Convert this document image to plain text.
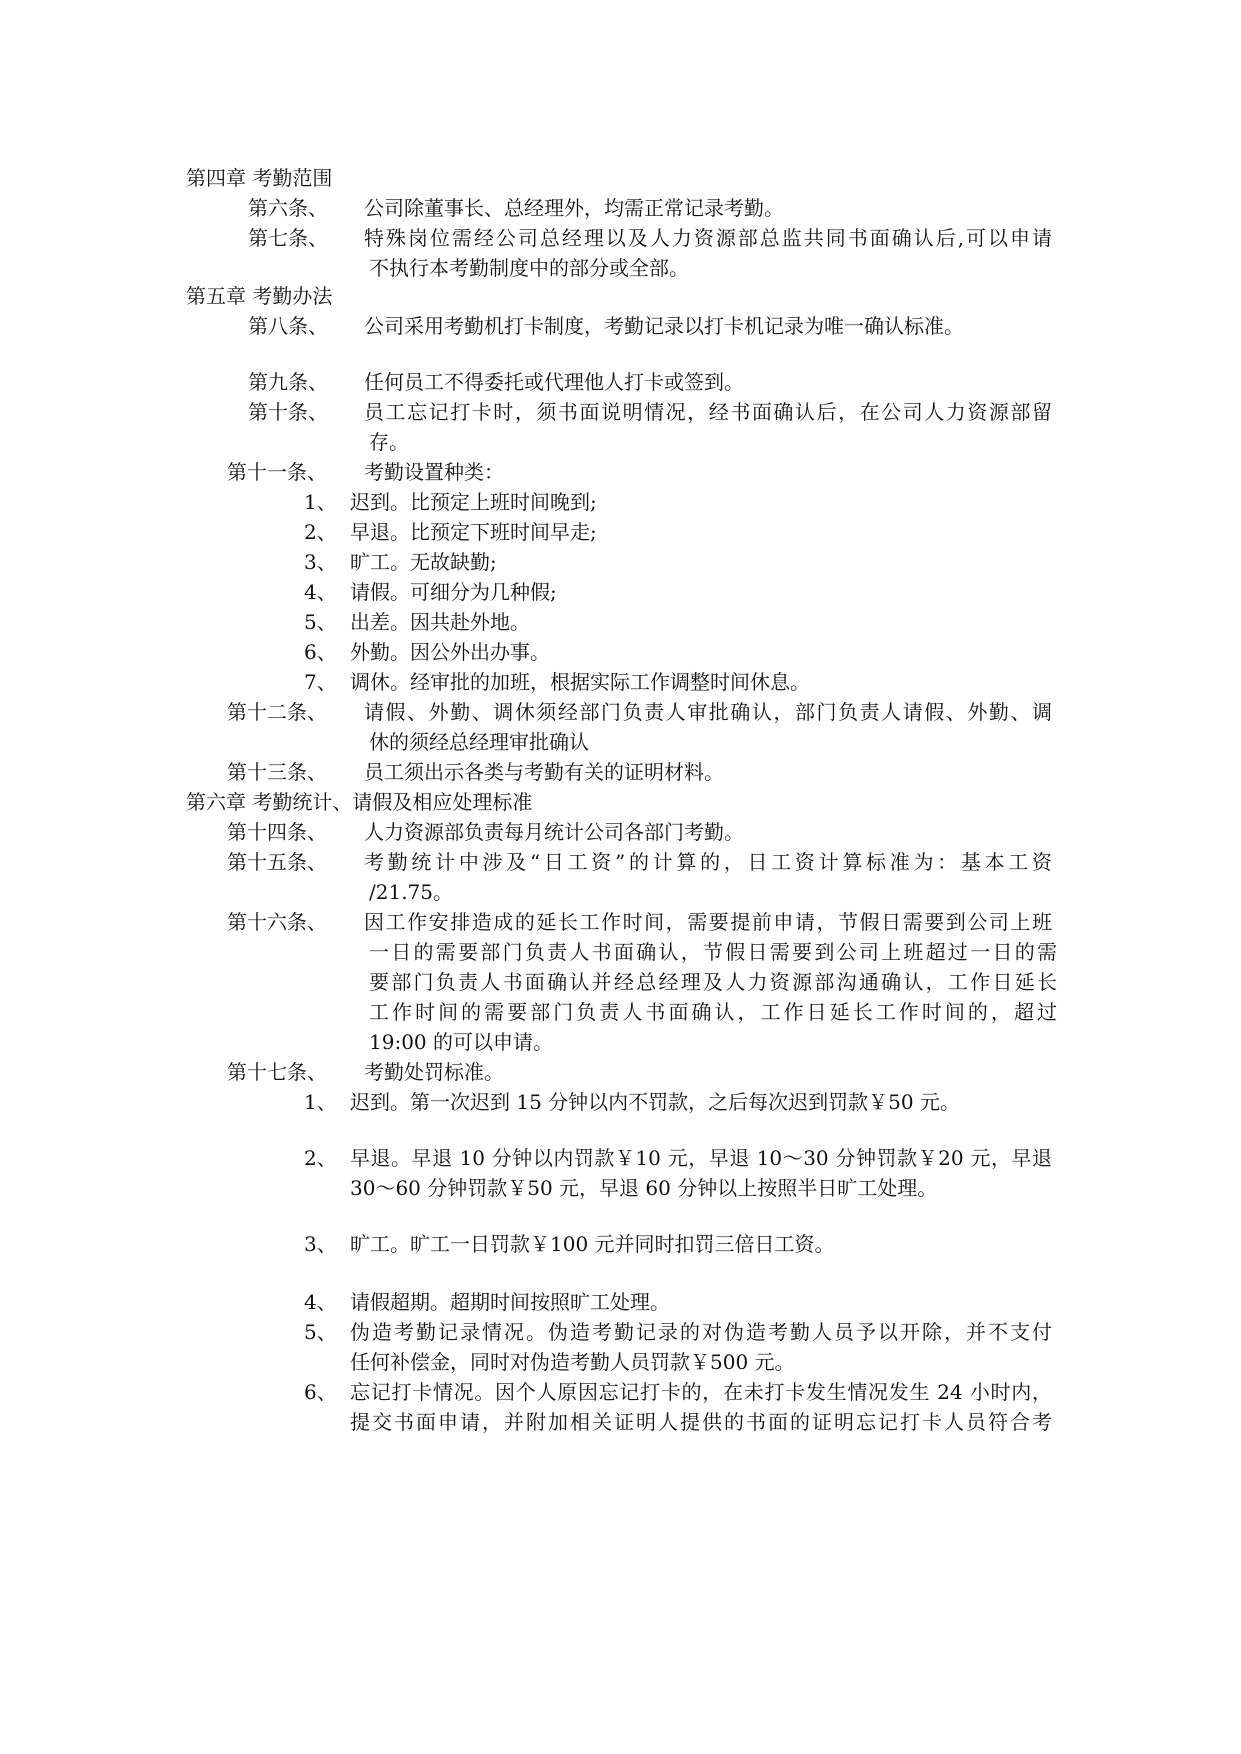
第四章 考勤范围
第六条、 公司除董事长、总经理外，均需正常记录考勤。
第七条、 特殊岗位需经公司总经理以及人力资源部总监共同书面确认后,可以申请
不执行本考勤制度中的部分或全部。
第五章 考勤办法
第八条、 公司采用考勤机打卡制度，考勤记录以打卡机记录为唯一确认标准。
第九条、 任何员工不得委托或代理他人打卡或签到。
第十条、 员工忘记打卡时，须书面说明情况，经书面确认后，在公司人力资源部留
存。
第十一条、 考勤设置种类：
1、 迟到。比预定上班时间晚到;
2、 早退。比预定下班时间早走;
3、 旷工。无故缺勤;
4、 请假。可细分为几种假;
5、 出差。因共赴外地。
6、 外勤。因公外出办事。
7、 调休。经审批的加班，根据实际工作调整时间休息。
第十二条、 请假、外勤、调休须经部门负责人审批确认，部门负责人请假、外勤、调
休的须经总经理审批确认
第十三条、 员工须出示各类与考勤有关的证明材料。
第六章 考勤统计、请假及相应处理标准
第十四条、 人力资源部负责每月统计公司各部门考勤。
第十五条、 考勤统计中涉及“日工资”的计算的，日工资计算标准为：基本工资
/21.75。
第十六条、 因工作安排造成的延长工作时间，需要提前申请，节假日需要到公司上班
一日的需要部门负责人书面确认，节假日需要到公司上班超过一日的需
要部门负责人书面确认并经总经理及人力资源部沟通确认，工作日延长
工作时间的需要部门负责人书面确认，工作日延长工作时间的，超过
19:00 的可以申请。
第十七条、 考勤处罚标准。
1、 迟到。第一次迟到 15 分钟以内不罚款，之后每次迟到罚款￥50 元。
2、 早退。早退 10 分钟以内罚款￥10 元，早退 10～30 分钟罚款￥20 元，早退
30～60 分钟罚款￥50 元，早退 60 分钟以上按照半日旷工处理。
3、 旷工。旷工一日罚款￥100 元并同时扣罚三倍日工资。
4、 请假超期。超期时间按照旷工处理。
5、 伪造考勤记录情况。伪造考勤记录的对伪造考勤人员予以开除，并不支付
任何补偿金，同时对伪造考勤人员罚款￥500 元。
6、 忘记打卡情况。因个人原因忘记打卡的，在未打卡发生情况发生 24 小时内，
提交书面申请，并附加相关证明人提供的书面的证明忘记打卡人员符合考
